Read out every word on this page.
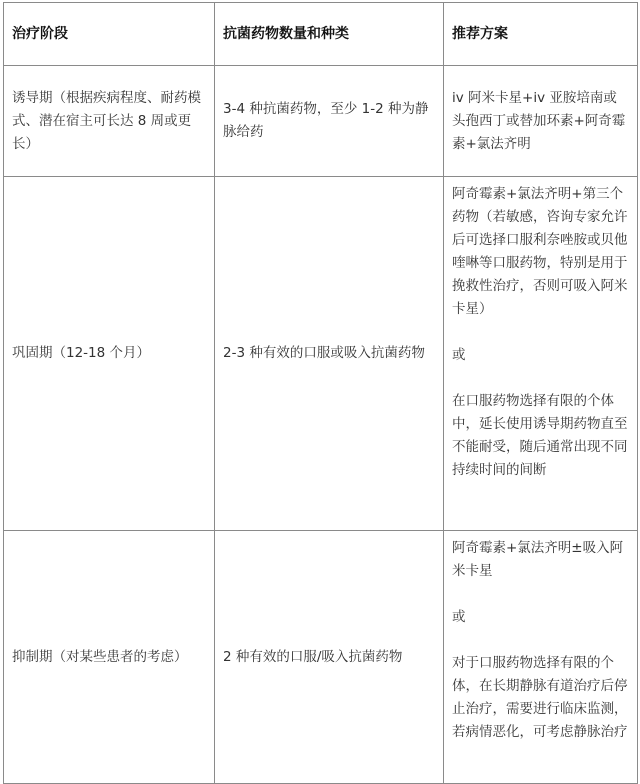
治疗阶段	抗菌药物数量和种类	推荐方案
诱导期（根据疾病程度、耐药模式、潜在宿主可长达 8 周或更长）	3-4 种抗菌药物，至少 1-2 种为静脉给药	iv 阿米卡星+iv 亚胺培南或头孢西丁或替加环素+阿奇霉素+氯法齐明

巩固期（12-18 个月）	2-3 种有效的口服或吸入抗菌药物	阿奇霉素+氯法齐明+第三个药物（若敏感，咨询专家允许后可选择口服利奈唑胺或贝他喹啉等口服药物，特别是用于挽救性治疗，否则可吸入阿米卡星）

或

在口服药物选择有限的个体中，延长使用诱导期药物直至不能耐受，随后通常出现不同持续时间的间断

抑制期（对某些患者的考虑）	2 种有效的口服/吸入抗菌药物	阿奇霉素+氯法齐明±吸入阿米卡星

或

对于口服药物选择有限的个体，在长期静脉有道治疗后停止治疗，需要进行临床监测，若病情恶化，可考虑静脉治疗
